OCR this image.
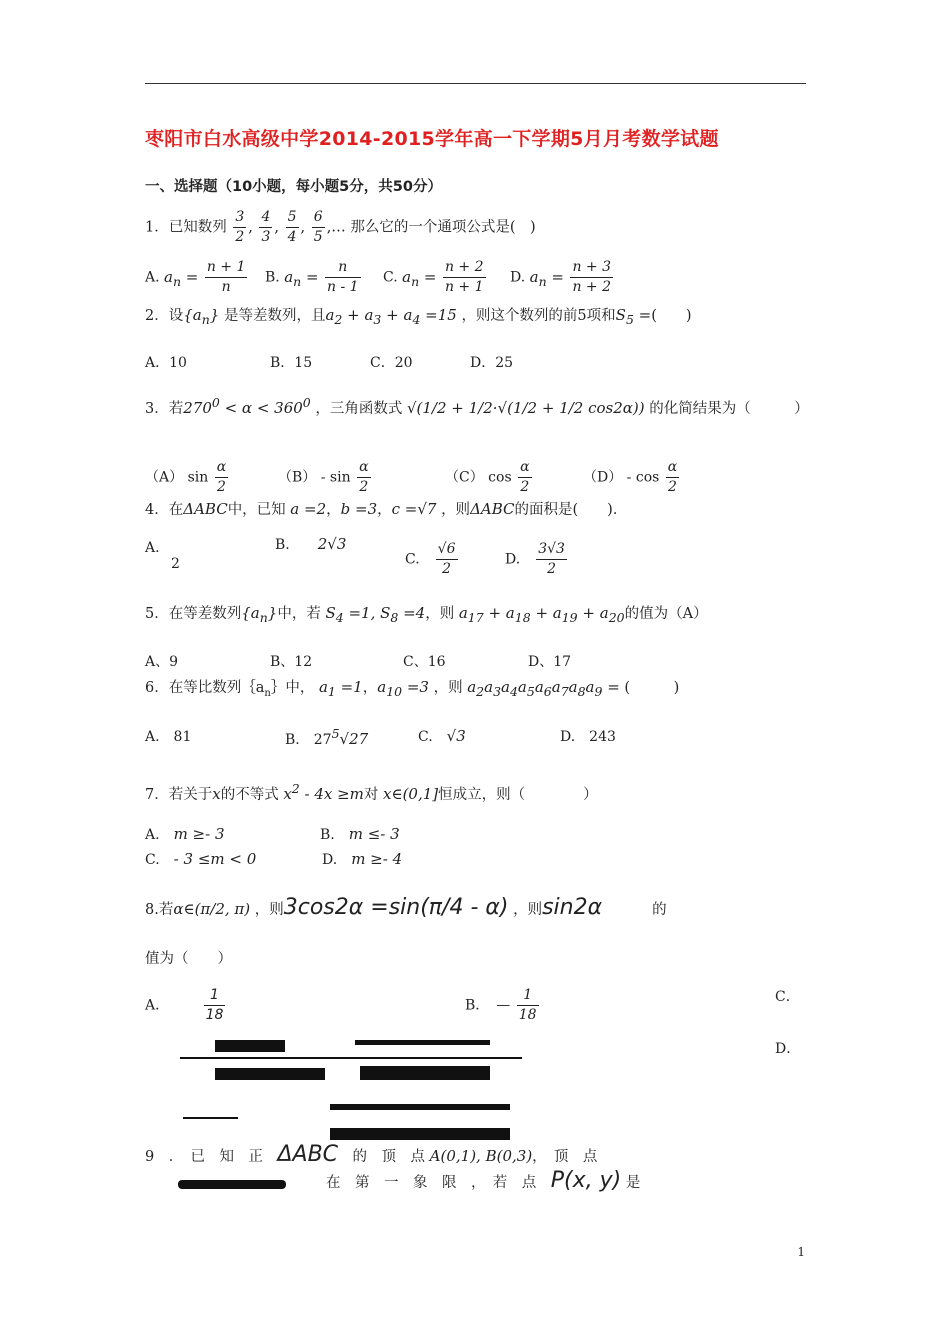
枣阳市白水高级中学2014-2015学年高一下学期5月月考数学试题
一、选择题（10小题，每小题5分，共50分）
1．已知数列 $\frac{3}{2}$ , $\frac{4}{3}$ , $\frac{5}{4}$ , $\frac{6}{5}$ ,… 那么它的一个通项公式是(　)
A. $a_n = \frac{n + 1}{n} B$. $a_n = \frac{n}{n - 1} C$. $a_n = \frac{n + 2}{n + 1} D$. $a_n = \frac{n + 3}{n + 2}$
2．设$\{a_n\}$ 是等差数列，且$a_2 + a_3 + a_4 =15$ ，则这个数列的前5项和$S_5$ =(　　)
A．10	B．15	C．20	D．25
3．若$270^0 < \alpha < 360^0$ ，三角函数式 √(1/2 + 1/2·√(1/2 + 1/2 cos2α)) 的化简结果为（　　　）
（A） $\sin \frac{\alpha}{2}$	$(B) - \sin \frac{\alpha}{2}$	（C） $\cos \frac{\alpha}{2}$	$(D) - \cos \frac{\alpha}{2}$
4．在ΔABC中，已知 a =2，b =3，c =√7 ，则ΔABC的面积是(　　)．
A.
2
B.　　 2√3
C.　 $\frac{√6}{2}$	D.　 $\frac{3√3}{2}$
5．在等差数列$\{a_n\}$中，若 $S_4 =1$, $S_8 =4$，则 $a_{17} + a_{18} + a_{19} + a_{20}$的值为（A）
A、9	B、12	C、16	D、17
6．在等比数列$\{a_n\}$中， $a_1 =1$，$a_{10} =3$ ，则 $a_2a_3a_4a_5a_6a_7a_8a_9$ = (　　　)
A.　81	B.　$27^5√27$	C.　 √3	D.　243
7．若关于x的不等式 $x^2 - 4x \ge m$对 x∈(0,1]恒成立，则（　　　　）
A.　 m ≥- 3	B.　 m ≤- 3
C.　 - 3 ≤m < 0	D.　 m ≥- 4
8.若α∈(π/2, π) ，则3cos2α =sin(π/4 - α) ，则sin2α	的
值为（　　）
A． $\frac{1}{18}$	B．　— $\frac{1}{18}$	C．
D．
9　．　已　知　正　 ΔABC　 的　顶　点 A(0,1), B(0,3)，　顶　点
在　第　一　象　限　，　若　点　 P(x, y) 是
1
